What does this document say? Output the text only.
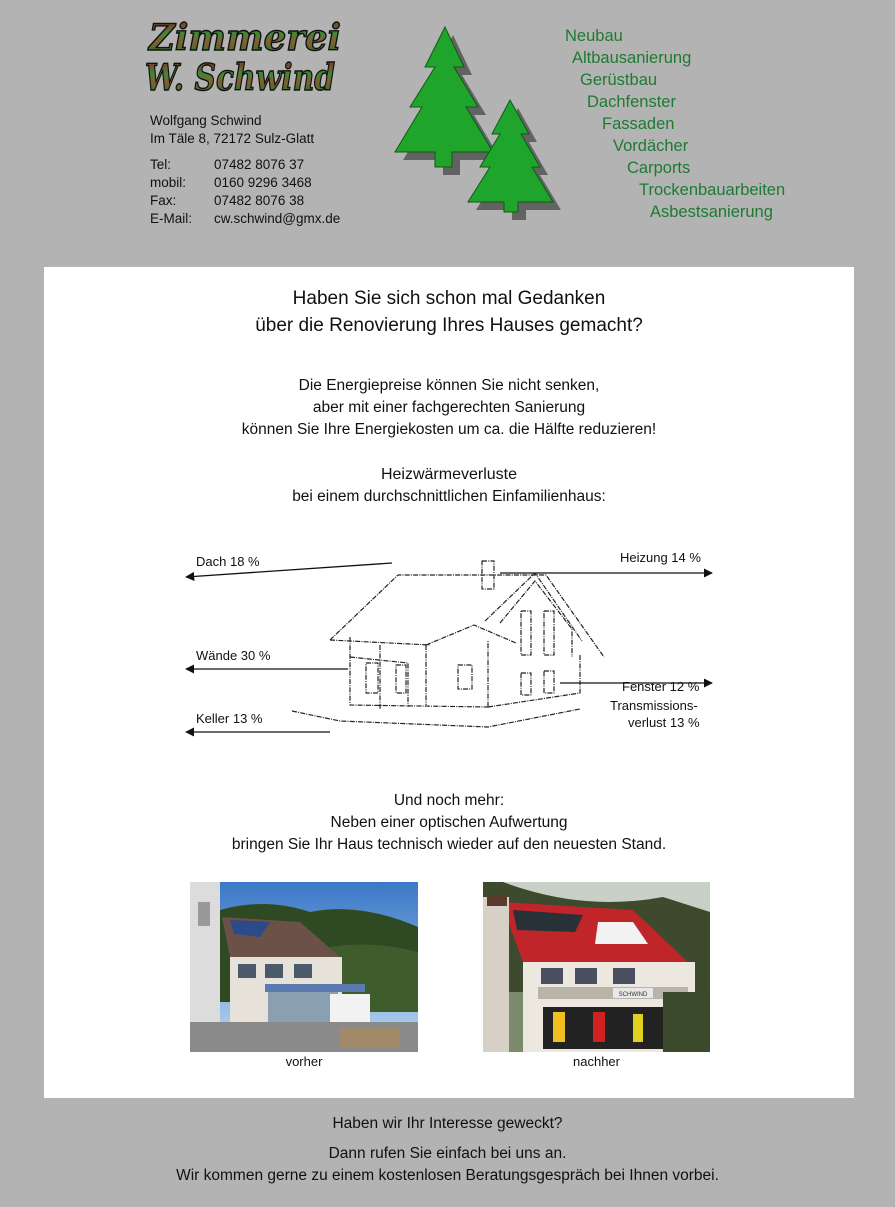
Zimmerei
W. Schwind
Wolfgang Schwind
Im Täle 8, 72172 Sulz-Glatt
Tel:	07482 8076 37
mobil:	0160 9296 3468
Fax:	07482 8076 38
E-Mail:	cw.schwind@gmx.de
Neubau
Altbausanierung
Gerüstbau
Dachfenster
Fassaden
Vordächer
Carports
Trockenbauarbeiten
Asbestsanierung
Haben Sie sich schon mal Gedanken
über die Renovierung Ihres Hauses gemacht?
Die Energiepreise können Sie nicht senken,
aber mit einer fachgerechten Sanierung
können Sie Ihre Energiekosten um ca. die Hälfte reduzieren!
Heizwärmeverluste
bei einem durchschnittlichen Einfamilienhaus:
Dach 18 %
Wände 30 %
Keller 13 %
Heizung 14 %
Fenster 12 %
Transmissions-
verlust 13 %
Und noch mehr:
Neben einer optischen Aufwertung
bringen Sie Ihr Haus technisch wieder auf den neuesten Stand.
vorher
SCHWIND
nachher
Haben wir Ihr Interesse geweckt?
Dann rufen Sie einfach bei uns an.
Wir kommen gerne zu einem kostenlosen Beratungsgespräch bei Ihnen vorbei.
